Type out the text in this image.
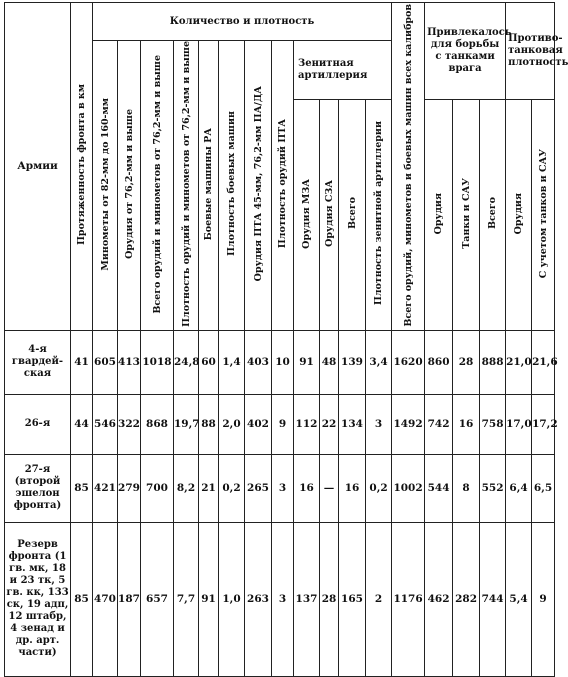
Армии	Протяженность фронта в км	Количество и плотность												Всего орудий, минометов и боевых машин всех калибров	Привлекалось для борьбы с танками врага			Противо-танковая плотность	
		Минометы от 82-мм до 160-мм	Орудия от 76,2-мм и выше	Всего орудий и минометов от 76,2-мм и выше	Плотность орудий и минометов от 76,2-мм и выше	Боевые машины РА	Плотность боевых машин	Орудия ПТА 45-мм, 76,2-мм ПА/ДА	Плотность орудий ПТА	Зенитная артиллерия									
										Орудия МЗА	Орудия СЗА	Всего	Плотность зенитной артиллерии		Орудия	Танки и САУ	Всего	Орудия	С учетом танков и САУ
4-я гвардей-ская	41	605	413	1018	24,8	60	1,4	403	10	91	48	139	3,4	1620	860	28	888	21,0	21,6
26-я	44	546	322	868	19,7	88	2,0	402	9	112	22	134	3	1492	742	16	758	17,0	17,2
27-я (второй эшелон фронта)	85	421	279	700	8,2	21	0,2	265	3	16	—	16	0,2	1002	544	8	552	6,4	6,5
Резерв фронта (1 гв. мк, 18 и 23 тк, 5 гв. кк, 133 ск, 19 адп, 12 штабр, 4 зенад и др. арт. части)	85	470	187	657	7,7	91	1,0	263	3	137	28	165	2	1176	462	282	744	5,4	9
